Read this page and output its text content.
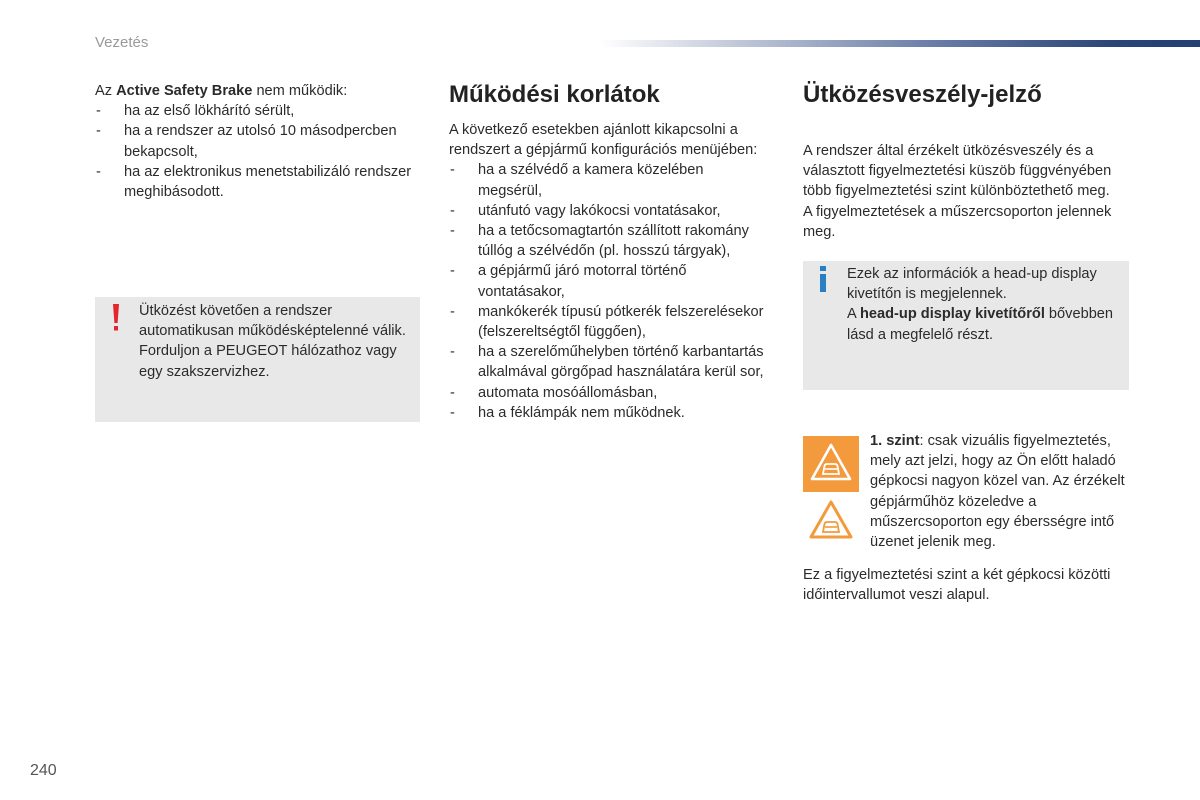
Vezetés

Az Active Safety Brake nem működik:

- ha az első lökhárító sérült,
- ha a rendszer az utolsó 10 másodpercben bekapcsolt,
- ha az elektronikus menetstabilizáló rendszer meghibásodott.
Ütközést követően a rendszer automatikusan működésképtelenné válik. Forduljon a PEUGEOT hálózathoz vagy egy szakszervizhez.
Működési korlátok

A következő esetekben ajánlott kikapcsolni a rendszert a gépjármű konfigurációs menüjében:

- ha a szélvédő a kamera közelében megsérül,
- utánfutó vagy lakókocsi vontatásakor,
- ha a tetőcsomagtartón szállított rakomány túllóg a szélvédőn (pl. hosszú tárgyak),
- a gépjármű járó motorral történő vontatásakor,
- mankókerék típusú pótkerék felszerelésekor (felszereltségtől függően),
- ha a szerelőműhelyben történő karbantartás alkalmával görgőpad használatára kerül sor,
- automata mosóállomásban,
- ha a féklámpák nem működnek.
Ütközésveszély-jelző
A rendszer által érzékelt ütközésveszély és a választott figyelmeztetési küszöb függvényében több figyelmeztetési szint különböztethető meg. A figyelmeztetések a műszercsoporton jelennek meg.

Ezek az információk a head-up display kivetítőn is megjelennek.

A head-up display kivetítőről bővebben lásd a megfelelő részt.

1. szint: csak vizuális figyelmeztetés, mely azt jelzi, hogy az Ön előtt haladó gépkocsi nagyon közel van. Az érzékelt gépjárműhöz közeledve a műszercsoporton egy ébersségre intő üzenet jelenik meg.
Ez a figyelmeztetési szint a két gépkocsi közötti időintervallumot veszi alapul.
240
